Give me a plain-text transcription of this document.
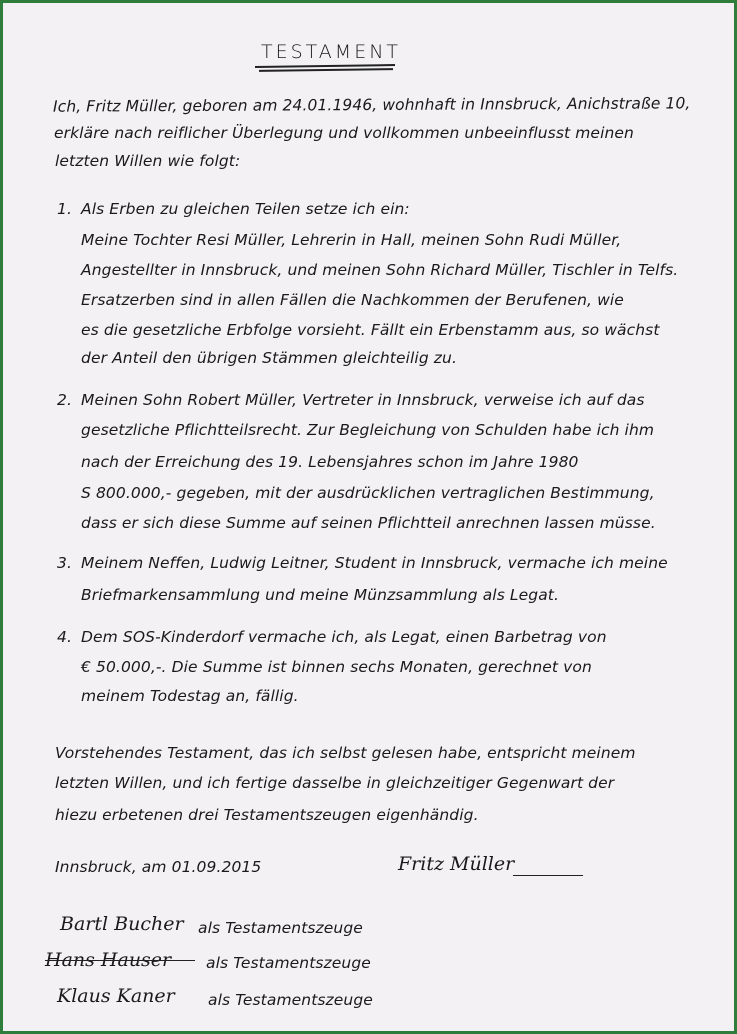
TESTAMENT
Ich, Fritz Müller, geboren am 24.01.1946, wohnhaft in Innsbruck, Anichstraße 10,
erkläre nach reiflicher Überlegung und vollkommen unbeeinflusst meinen
letzten Willen wie folgt:
1. Als Erben zu gleichen Teilen setze ich ein:
Meine Tochter Resi Müller, Lehrerin in Hall, meinen Sohn Rudi Müller,
Angestellter in Innsbruck, und meinen Sohn Richard Müller, Tischler in Telfs.
Ersatzerben sind in allen Fällen die Nachkommen der Berufenen, wie
es die gesetzliche Erbfolge vorsieht. Fällt ein Erbenstamm aus, so wächst
der Anteil den übrigen Stämmen gleichteilig zu.
2. Meinen Sohn Robert Müller, Vertreter in Innsbruck, verweise ich auf das
gesetzliche Pflichtteilsrecht. Zur Begleichung von Schulden habe ich ihm
nach der Erreichung des 19. Lebensjahres schon im Jahre 1980
S 800.000,- gegeben, mit der ausdrücklichen vertraglichen Bestimmung,
dass er sich diese Summe auf seinen Pflichtteil anrechnen lassen müsse.
3. Meinem Neffen, Ludwig Leitner, Student in Innsbruck, vermache ich meine
Briefmarkensammlung und meine Münzsammlung als Legat.
4. Dem SOS-Kinderdorf vermache ich, als Legat, einen Barbetrag von
€ 50.000,-. Die Summe ist binnen sechs Monaten, gerechnet von
meinem Todestag an, fällig.
Vorstehendes Testament, das ich selbst gelesen habe, entspricht meinem
letzten Willen, und ich fertige dasselbe in gleichzeitiger Gegenwart der
hiezu erbetenen drei Testamentszeugen eigenhändig.
Innsbruck, am 01.09.2015	Fritz Müller
Bartl Bucher als Testamentszeuge
Hans Hauser als Testamentszeuge
Klaus Kaner als Testamentszeuge
